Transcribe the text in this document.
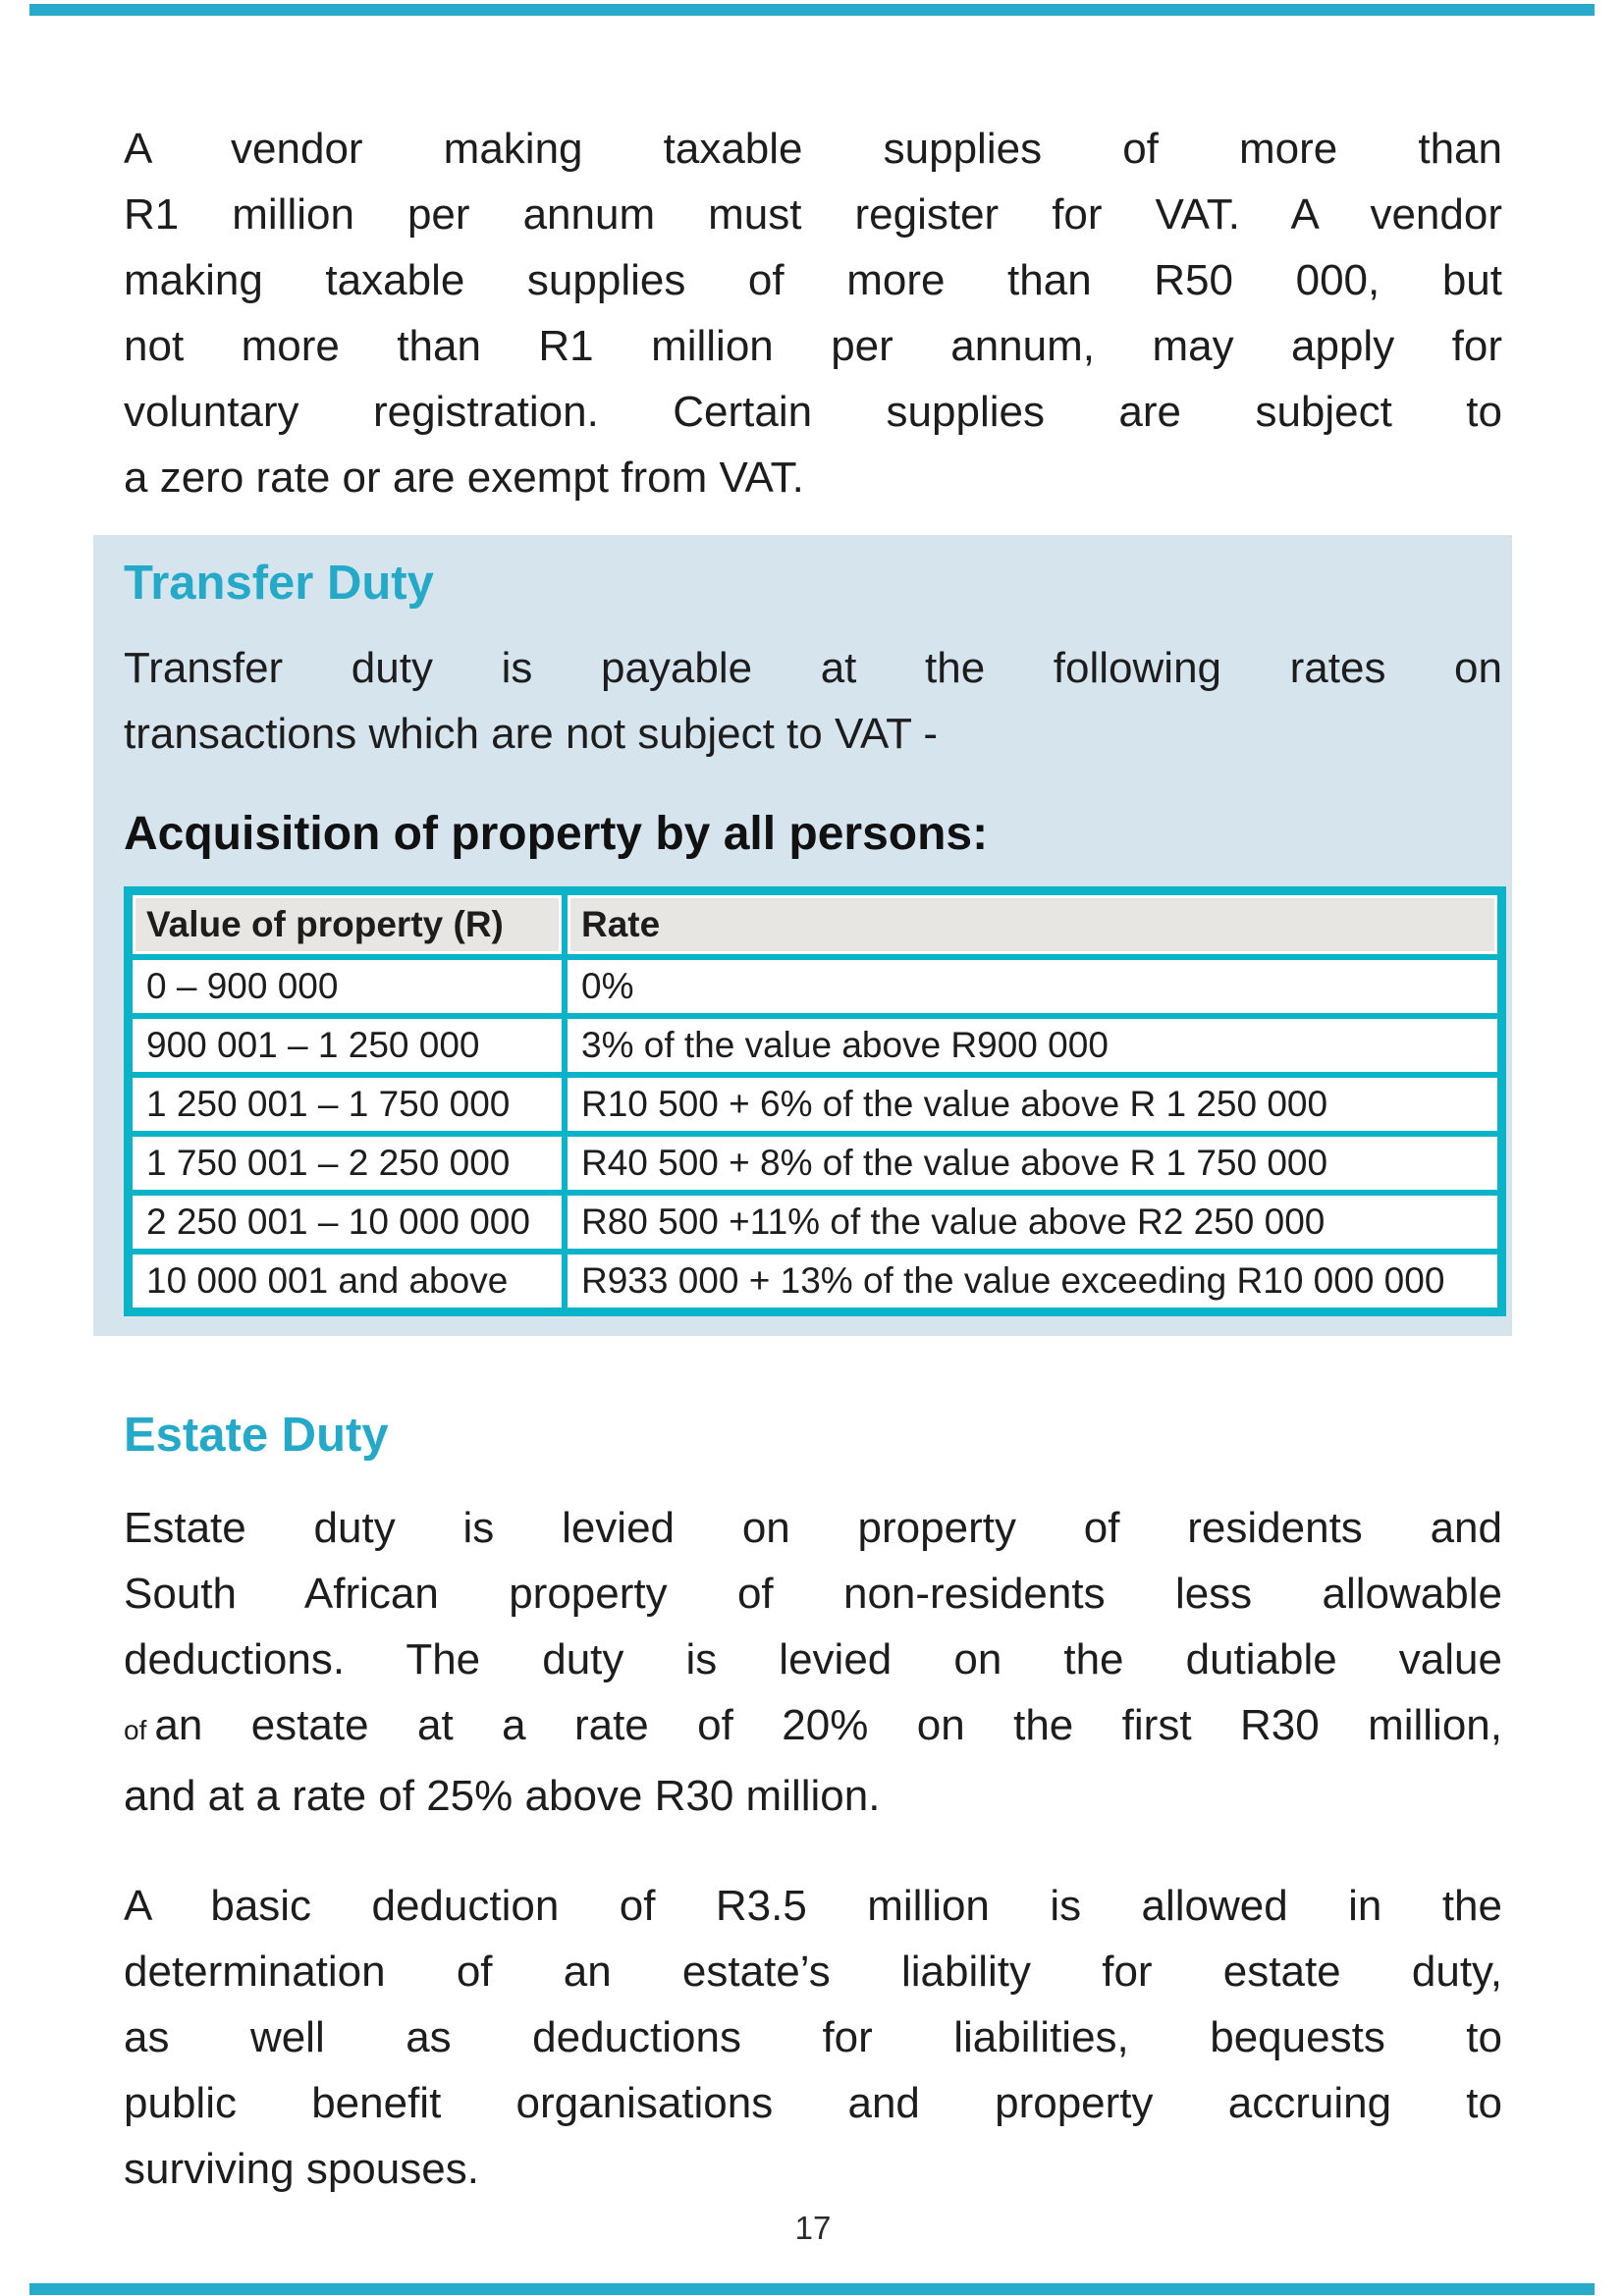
A vendor making taxable supplies of more than
R1 million per annum must register for VAT. A vendor
making taxable supplies of more than R50 000, but
not more than R1 million per annum, may apply for
voluntary registration. Certain supplies are subject to
a zero rate or are exempt from VAT.
Transfer Duty
Transfer duty is payable at the following rates on
transactions which are not subject to VAT -
Acquisition of property by all persons:
Value of property (R)	Rate
0 – 900 000	0%
900 001 – 1 250 000	3% of the value above R900 000
1 250 001 – 1 750 000	R10 500 + 6% of the value above R 1 250 000
1 750 001 – 2 250 000	R40 500 + 8% of the value above R 1 750 000
2 250 001 – 10 000 000	R80 500 +11% of the value above R2 250 000
10 000 001 and above	R933 000 + 13% of the value exceeding R10 000 000
Estate Duty
Estate duty is levied on property of residents and
South African property of non-residents less allowable
deductions. The duty is levied on the dutiable value
of an estate at a rate of 20% on the first R30 million,
and at a rate of 25% above R30 million.
A basic deduction of R3.5 million is allowed in the
determination of an estate’s liability for estate duty,
as well as deductions for liabilities, bequests to
public benefit organisations and property accruing to
surviving spouses.
17
